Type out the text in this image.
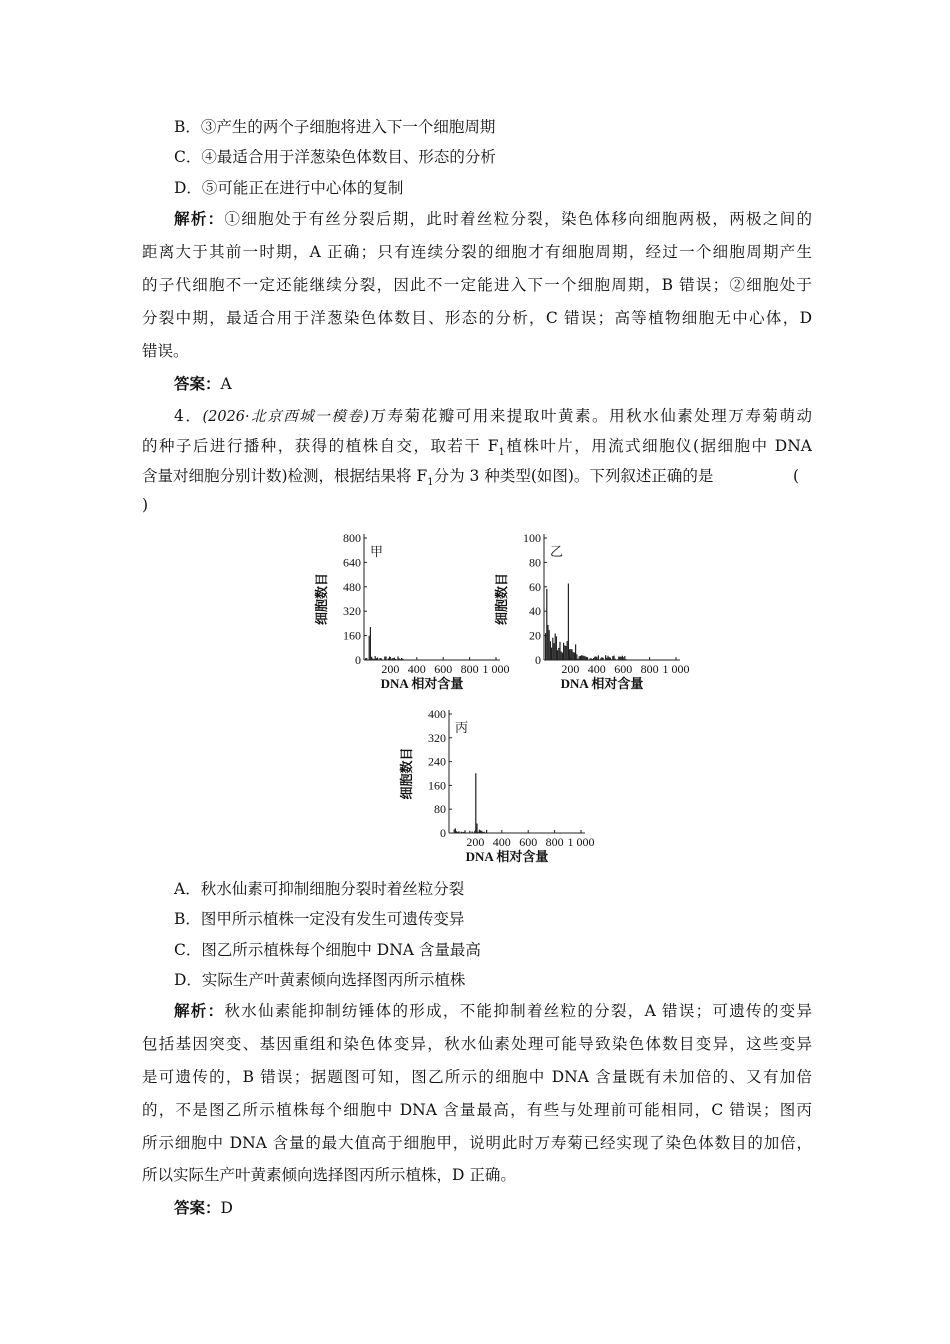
B．③产生的两个子细胞将进入下一个细胞周期
C．④最适合用于洋葱染色体数目、形态的分析
D．⑤可能正在进行中心体的复制
解析：①细胞处于有丝分裂后期，此时着丝粒分裂，染色体移向细胞两极，两极之间的
距离大于其前一时期，A 正确；只有连续分裂的细胞才有细胞周期，经过一个细胞周期产生
的子代细胞不一定还能继续分裂，因此不一定能进入下一个细胞周期，B 错误；②细胞处于
分裂中期，最适合用于洋葱染色体数目、形态的分析，C 错误；高等植物细胞无中心体，D
错误。
答案：A
4．(2026·北京西城一模卷)万寿菊花瓣可用来提取叶黄素。用秋水仙素处理万寿菊萌动
的种子后进行播种，获得的植株自交，取若干 $F_1$植株叶片，用流式细胞仪(据细胞中 DNA
含量对细胞分别计数)检测，根据结果将 $F_1$分为 3 种类型(如图)。下列叙述正确的是	(
)
800
640
480
320
160
0
200 400 600 800 1 000
甲
细胞数目
DNA 相对含量
100
80
60
40
20
0
200 400 600 800 1 000
乙
细胞数目
DNA 相对含量
400
320
240
160
80
0
200 400 600 800 1 000
丙
细胞数目
DNA 相对含量
A．秋水仙素可抑制细胞分裂时着丝粒分裂
B．图甲所示植株一定没有发生可遗传变异
C．图乙所示植株每个细胞中 DNA 含量最高
D．实际生产叶黄素倾向选择图丙所示植株
解析：秋水仙素能抑制纺锤体的形成，不能抑制着丝粒的分裂，A 错误；可遗传的变异
包括基因突变、基因重组和染色体变异，秋水仙素处理可能导致染色体数目变异，这些变异
是可遗传的，B 错误；据题图可知，图乙所示的细胞中 DNA 含量既有未加倍的、又有加倍
的，不是图乙所示植株每个细胞中 DNA 含量最高，有些与处理前可能相同，C 错误；图丙
所示细胞中 DNA 含量的最大值高于细胞甲，说明此时万寿菊已经实现了染色体数目的加倍，
所以实际生产叶黄素倾向选择图丙所示植株，D 正确。
答案：D
